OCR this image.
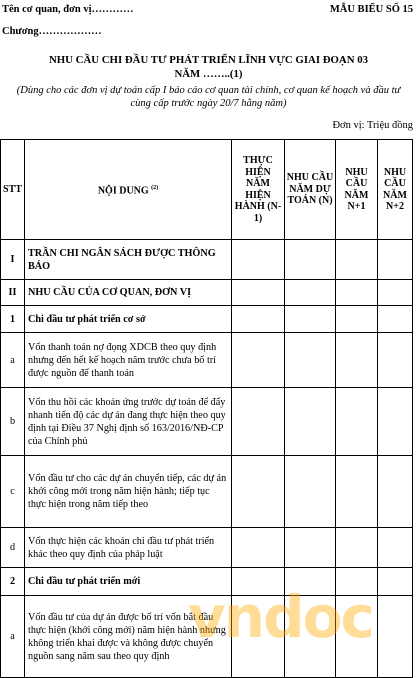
Tên cơ quan, đơn vị…………
Chương………………
MẪU BIỂU SỐ 15
NHU CẦU CHI ĐẦU TƯ PHÁT TRIỂN LĨNH VỰC GIAI ĐOẠN 03
NĂM ……..(1)
(Dùng cho các đơn vị dự toán cấp I báo cáo cơ quan tài chính, cơ quan kế hoạch và đầu tư cùng cấp trước ngày 20/7 hằng năm)
Đơn vị: Triệu đồng
STT	NỘI DUNG $^{(2)}$	THỰC HIỆN NĂM HIỆN HÀNH (N-1)	NHU CẦU NĂM DỰ TOÁN (N)	NHU CẦU NĂM N+1	NHU CẦU NĂM N+2
I	TRẦN CHI NGÂN SÁCH ĐƯỢC THÔNG BÁO				
II	NHU CẦU CỦA CƠ QUAN, ĐƠN VỊ				
1	Chi đầu tư phát triển cơ sở				
a	Vốn thanh toán nợ đọng XDCB theo quy định nhưng đến hết kế hoạch năm trước chưa bố trí được nguồn để thanh toán				
b	Vốn thu hồi các khoản ứng trước dự toán để đẩy nhanh tiến độ các dự án đang thực hiện theo quy định tại Điều 37 Nghị định số 163/2016/NĐ-CP của Chính phủ				
c	Vốn đầu tư cho các dự án chuyển tiếp, các dự án khởi công mới trong năm hiện hành; tiếp tục thực hiện trong năm tiếp theo				
d	Vốn thực hiện các khoản chi đầu tư phát triển khác theo quy định của pháp luật				
2	Chi đầu tư phát triển mới				
a	Vốn đầu tư của dự án được bố trí vốn bắt đầu thực hiện (khởi công mới) năm hiện hành nhưng không triển khai được và không được chuyển nguồn sang năm sau theo quy định				
vndoc
